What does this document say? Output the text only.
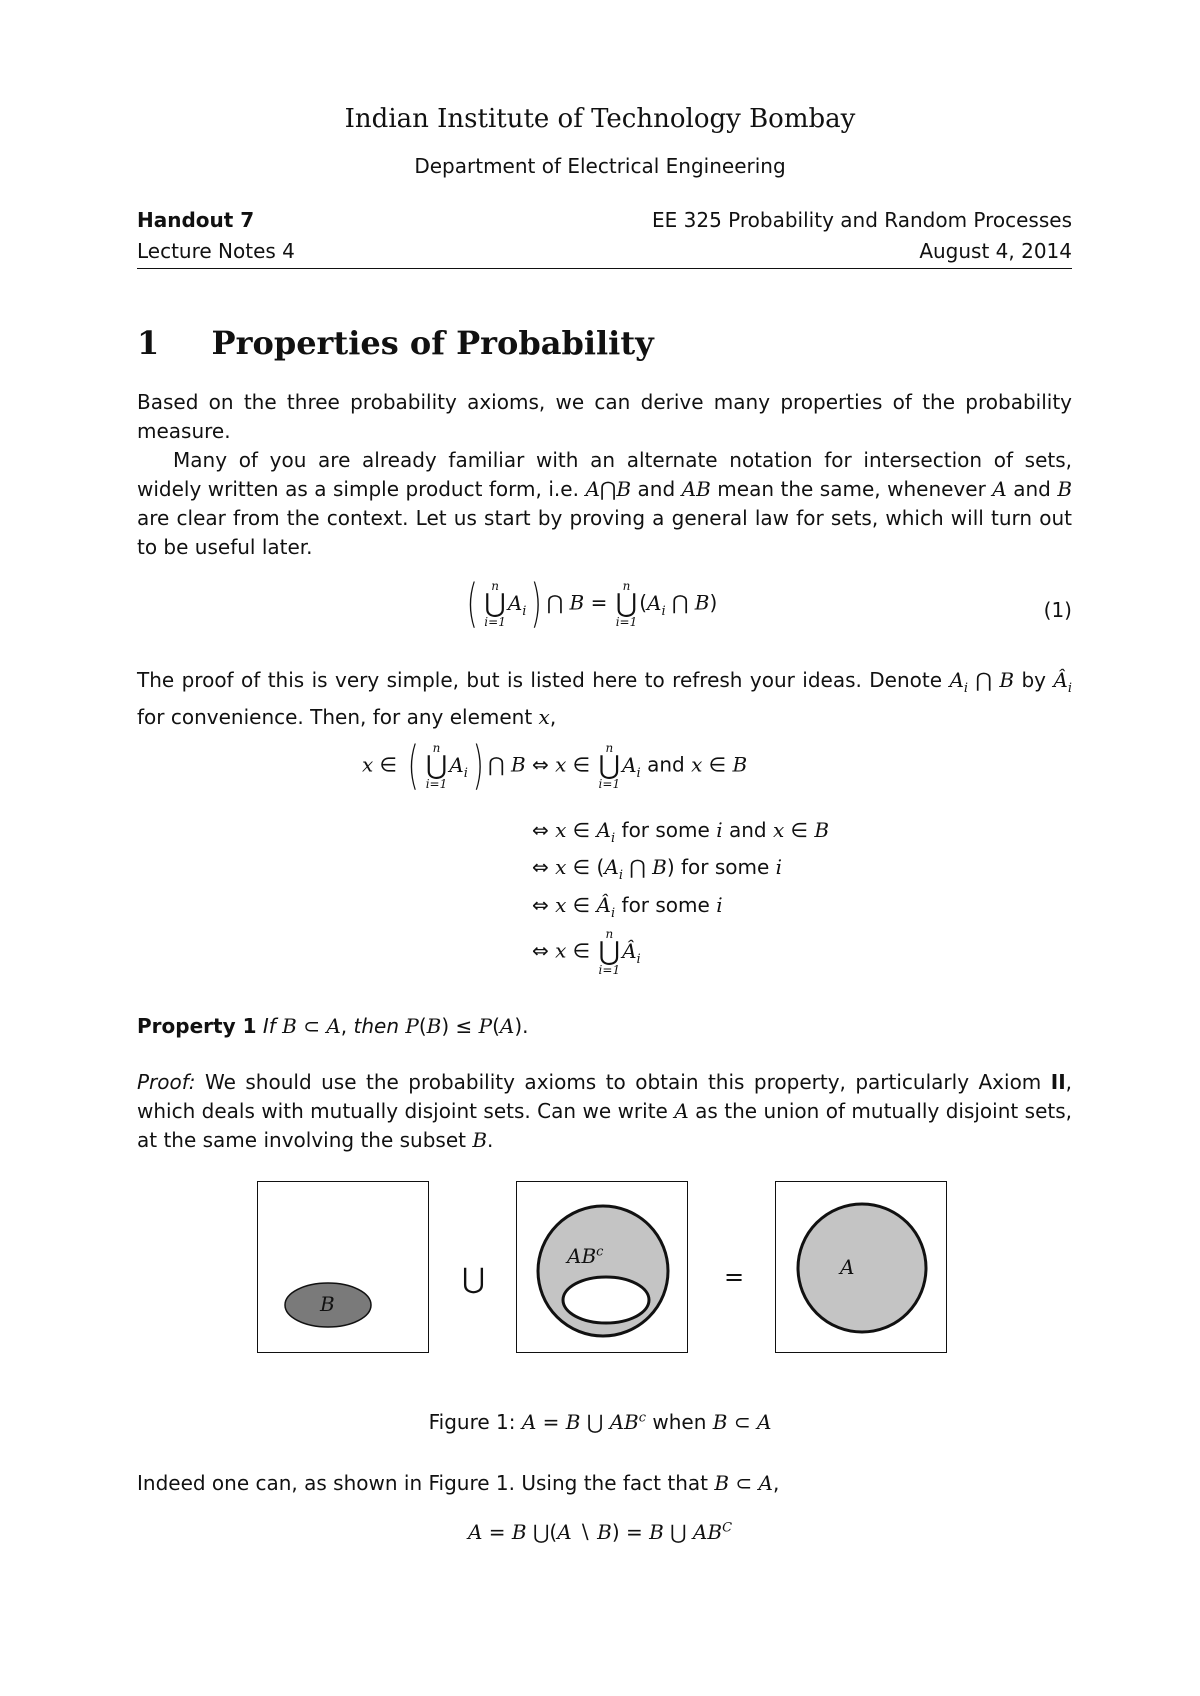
Indian Institute of Technology Bombay
Department of Electrical Engineering
Handout 7	EE 325 Probability and Random Processes
Lecture Notes 4	August 4, 2014
1 Properties of Probability
Based on the three probability axioms, we can derive many properties of the probability measure.
Many of you are already familiar with an alternate notation for intersection of sets, widely written as a simple product form, i.e. A⋂B and AB mean the same, whenever A and B are clear from the context. Let us start by proving a general law for sets, which will turn out to be useful later.
(	n
⋃
i=1
$A_i$) ⋂ B =
n
⋃
i=1
($A_i$ ⋂ B)	(1)
The proof of this is very simple, but is listed here to refresh your ideas. Denote $A_i$ ⋂ B by $Â_i$ for convenience. Then, for any element x,
x ∈ (	n
⋃
i=1
$A_i$) ⋂ B ⇔ x ∈
n
⋃
i=1
$A_i$ and x ∈ B
⇔ x ∈ $A_i$ for some i and x ∈ B
⇔ x ∈ ($A_i$ ⋂ B) for some i
⇔ x ∈ $Â_i$ for some i
⇔ x ∈
n
⋃
i=1
$Â_i$
Property 1 If B ⊂ A, then P(B) ≤ P(A).
Proof: We should use the probability axioms to obtain this property, particularly Axiom II, which deals with mutually disjoint sets. Can we write A as the union of mutually disjoint sets, at the same involving the subset B.
B
⋃
$AB^c$
=	A
Figure 1: A = B ⋃ $AB^c$ when B ⊂ A
Indeed one can, as shown in Figure 1. Using the fact that B ⊂ A,
A = B ⋃(A ∖ B) = B ⋃ $AB^C$
